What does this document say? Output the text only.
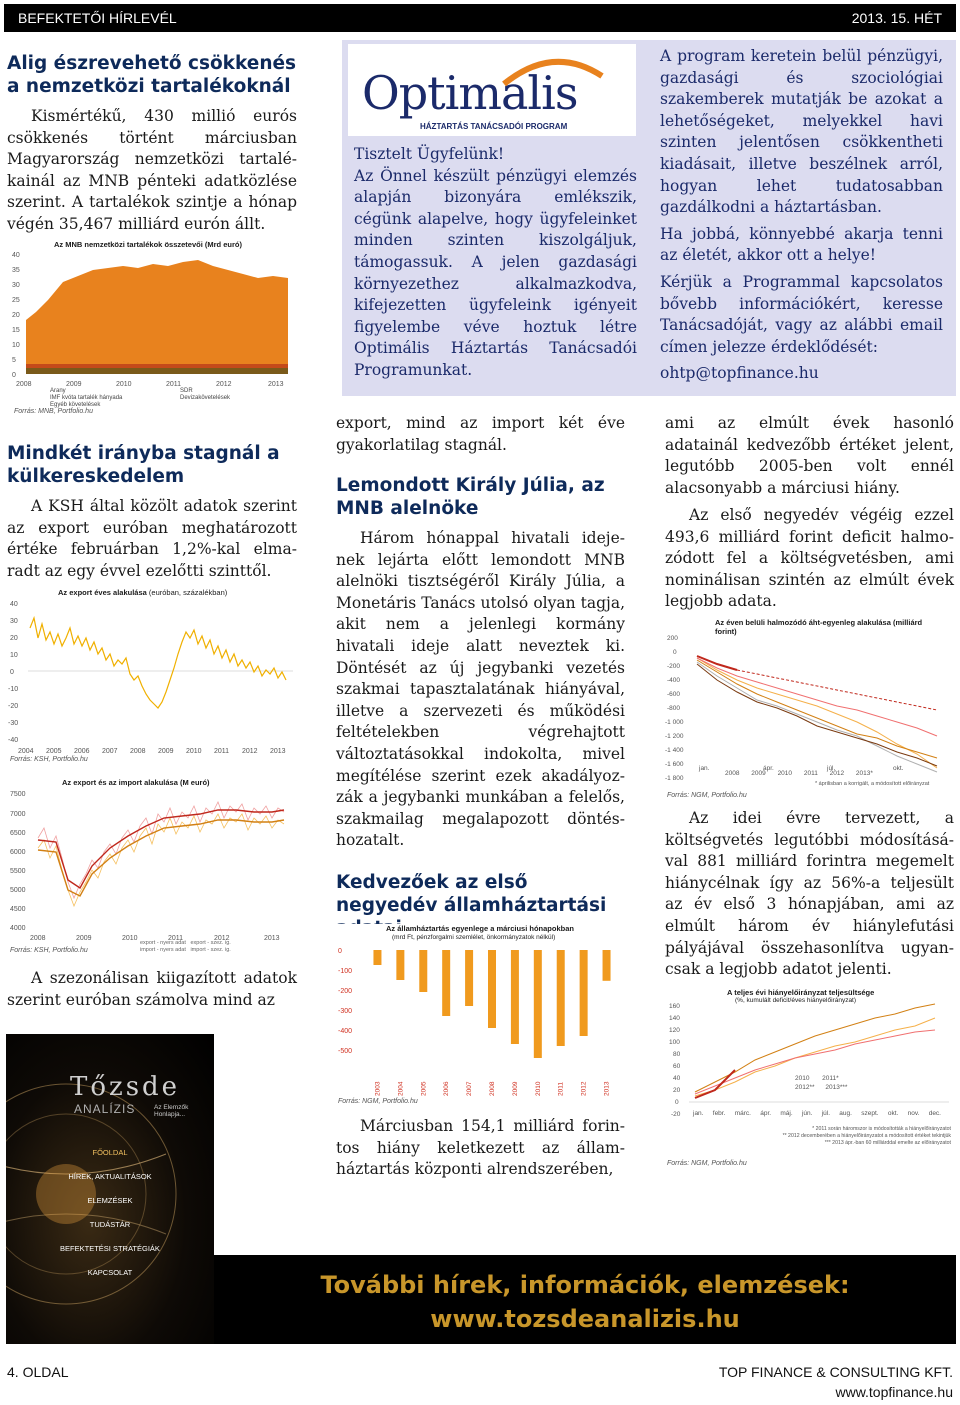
BEFEKTETŐI HÍRLEVÉL	2013. 15. HÉT
Alig észrevehető csökkenés a nemzetközi tartalékoknál

Kismértékű, 430 millió eurós csökkenés történt márciusban Magyarország nemzetközi tartalé-kainál az MNB pénteki adatközlése szerint. A tartalékok szintje a hónap végén 35,467 milliárd eurón állt.

Az MNB nemzetközi tartalékok összetevői (Mrd euró)
40
35
30
25
20
15
10
5
0
2008	2009	2010	2011	2012	2013
Arany
IMF kvóta tartalék hányada
Egyéb követelések
SDR
Devizakövetelések
Forrás: MNB, Portfolio.hu
Mindkét irányba stagnál a külkereskedelem

A KSH által közölt adatok szerint az export euróban meghatározott értéke februárban 1,2%-kal elma-radt az egy évvel ezelőtti szinttől.

Az export éves alakulása (euróban, százalékban)
40
30
20
10
0
-10
-20
-30
-40
2004 2005 2006 2007 2008 2009 2010 2011 2012 2013
Forrás: KSH, Portfolio.hu
Az export és az import alakulása (M euró)
7500
7000
6500
6000
5500
5000
4500
4000
2008	2009	2010	2011	2012	2013
export - nyers adat export - szez. ig.
import - nyers adat import - szez. ig.
Forrás: KSH, Portfolio.hu

A szezonálisan kiigazított adatok szerint euróban számolva mind az

Optimális
HÁZTARTÁS TANÁCSADÓI PROGRAM
Tisztelt Ügyfelünk!
Az Önnel készült pénzügyi elemzés alapján bizonyára emlékszik, cégünk alapelve, hogy ügyfeleinket minden szinten kiszolgáljuk, támogassuk. A jelen gazdasági környezethez alkalmazkodva, kifejezetten ügyfeleink igényeit figyelembe véve hoztuk létre Optimális Háztartás Tanácsadói Programunkat.
A program keretein belül pénzügyi, gazdasági és szociológiai szakemberek mutatják be azokat a lehetőségeket, melyekkel havi szinten jelentősen csökkentheti kiadásait, illetve beszélnek arról, hogyan lehet tudatosabban gazdálkodni a háztartásban.
Ha jobbá, könnyebbé akarja tenni az életét, akkor ott a helye!
Kérjük a Programmal kapcsolatos bővebb információkért, keresse Tanácsadóját, vagy az alábbi email címen jelezze érdeklődését:
ohtp@topfinance.hu

export, mind az import két éve gyakorlatilag stagnál.

Lemondott Király Júlia, az MNB alelnöke

Három hónappal hivatali ideje-nek lejárta előtt lemondott MNB alelnöki tisztségéről Király Júlia, a Monetáris Tanács utolsó olyan tagja, akit nem a jelenlegi kormány hivatali ideje alatt neveztek ki. Döntését az új jegybanki vezetés szakmai tapasztalatának hiányával, illetve a szervezeti és működési feltételekben végrehajtott változtatásokkal indokolta, mivel megítélése szerint ezek akadályoz-zák a jegybanki munkában a felelős, szakmailag megalapozott döntés-hozatalt.

Kedvezőek az első negyedév államháztartási
Az államháztartás egyenlege a márciusi hónapokban
(mrd Ft, pénzforgalmi szemlélet, önkormányzatok nélkül)
0
-100
-200
-300
-400
-500
2003 2004 2005 2006 2007 2008 2009 2010 2011 2012 2013
Forrás: NGM, Portfolio.hu

Márciusban 154,1 milliárd forin-tos hiány keletkezett az állam-háztartás központi alrendszerében,

ami az elmúlt évek hasonló adatainál kedvezőbb értéket jelent, legutóbb 2005-ben volt ennél alacsonyabb a márciusi hiány.

Az első negyedév végéig ezzel 493,6 milliárd forint deficit halmo-zódott fel a költségvetésben, ami nominálisan szintén az elmúlt évek legjobb adata.

Az éven belüli halmozódó áht-egyenleg alakulása (milliárd forint)
200
0
-200
-400
-600
-800
-1 000
-1 200
-1 400
-1 600
-1 800
jan.	ápr.	júl.	okt.
2008 2009 2010 2011 2012 2013*
* áprilisban a korrigált, a módosított előirányzat
Forrás: NGM, Portfolio.hu

Az idei évre tervezett, a költségvetés legutóbbi módosításá-val 881 milliárd forintra megemelt hiánycélnak így az 56%-a teljesült az év első 3 hónapjában, ami az elmúlt három év hiánylefutási pályájával összehasonlítva ugyan-csak a legjobb adatot jelenti.

A teljes évi hiányelőirányzat teljesültsége
(%, kumulált deficit/éves hiányelőirányzat)
160
140
120
100
80
60
40
20
0
-20 jan. febr. márc. ápr. máj. jún. júl. aug. szept. okt. nov. dec.
2010 2011*
2012** 2013***
* 2011 során háromszor is módosították a hiányelőirányzatot
** 2012 decemberében a hiányelőirányzatot a módosított értéket tekintjük
*** 2013 ápr.-ban 60 milliárddal emelte az előirányzatot
Forrás: NGM, Portfolio.hu
Tőzsde
ANALÍZIS	Az Elemzők Honlapja...
FŐOLDAL
HÍREK, AKTUALITÁSOK
ELEMZÉSEK
TUDÁSTÁR
BEFEKTETÉSI STRATÉGIÁK
KAPCSOLAT	További hírek, információk, elemzések:
www.tozsdeanalizis.hu
4. OLDAL	TOP FINANCE & CONSULTING KFT.
www.topfinance.hu
